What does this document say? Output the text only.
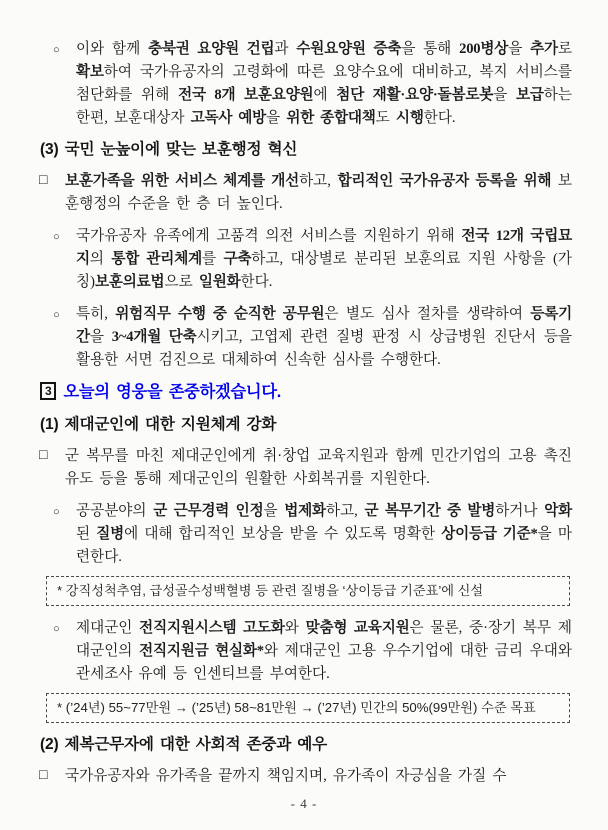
○ 이와 함께 충북권 요양원 건립과 수원요양원 증축을 통해 200병상을 추가로 확보하여 국가유공자의 고령화에 따른 요양수요에 대비하고, 복지 서비스를 첨단화를 위해 전국 8개 보훈요양원에 첨단 재활·요양·돌봄로봇을 보급하는 한편, 보훈대상자 고독사 예방을 위한 종합대책도 시행한다.
(3) 국민 눈높이에 맞는 보훈행정 혁신
□ 보훈가족을 위한 서비스 체계를 개선하고, 합리적인 국가유공자 등록을 위해 보훈행정의 수준을 한 층 더 높인다.
○ 국가유공자 유족에게 고품격 의전 서비스를 지원하기 위해 전국 12개 국립묘지의 통합 관리체계를 구축하고, 대상별로 분리된 보훈의료 지원 사항을 (가칭)보훈의료법으로 일원화한다.
○ 특히, 위험직무 수행 중 순직한 공무원은 별도 심사 절차를 생략하여 등록기간을 3~4개월 단축시키고, 고엽제 관련 질병 판정 시 상급병원 진단서 등을 활용한 서면 검진으로 대체하여 신속한 심사를 수행한다.
3 오늘의 영웅을 존중하겠습니다.
(1) 제대군인에 대한 지원체계 강화
□ 군 복무를 마친 제대군인에게 취·창업 교육지원과 함께 민간기업의 고용 촉진 유도 등을 통해 제대군인의 원활한 사회복귀를 지원한다.
○ 공공분야의 군 근무경력 인정을 법제화하고, 군 복무기간 중 발병하거나 악화된 질병에 대해 합리적인 보상을 받을 수 있도록 명확한 상이등급 기준*을 마련한다.
* 강직성척추염, 급성골수성백혈병 등 관련 질병을 ‘상이등급 기준표’에 신설
○ 제대군인 전직지원시스템 고도화와 맞춤형 교육지원은 물론, 중·장기 복무 제대군인의 전직지원금 현실화*와 제대군인 고용 우수기업에 대한 금리 우대와 관세조사 유예 등 인센티브를 부여한다.
* (’24년) 55~77만원 → (’25년) 58~81만원 → (’27년) 민간의 50%(99만원) 수준 목표
(2) 제복근무자에 대한 사회적 존중과 예우
□ 국가유공자와 유가족을 끝까지 책임지며, 유가족이 자긍심을 가질 수
- 4 -
